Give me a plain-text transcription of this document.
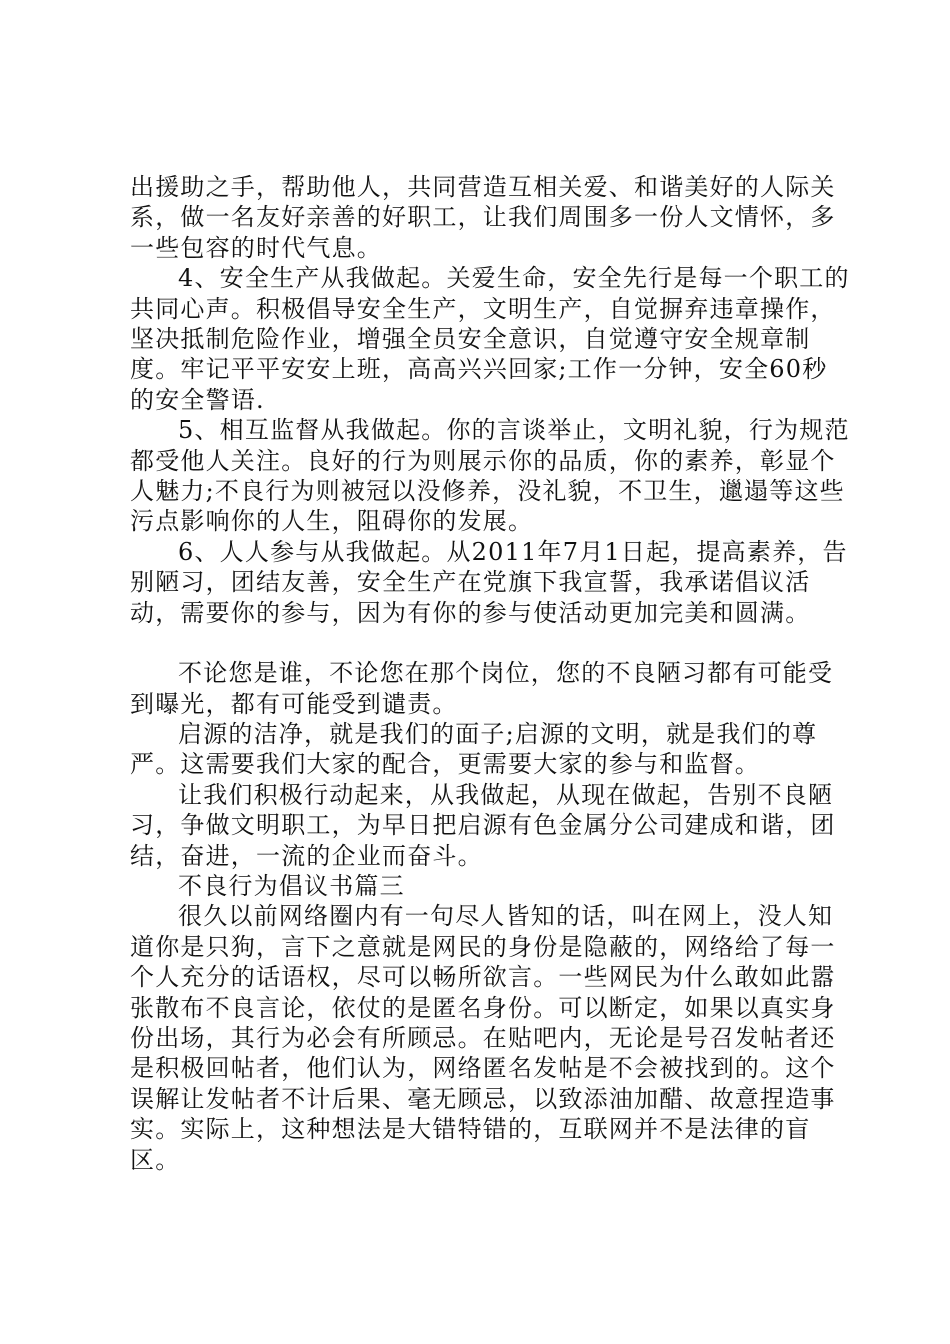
出援助之手，帮助他人，共同营造互相关爱、和谐美好的人际关系，做一名友好亲善的好职工，让我们周围多一份人文情怀，多一些包容的时代气息。

4、安全生产从我做起。关爱生命，安全先行是每一个职工的共同心声。积极倡导安全生产，文明生产，自觉摒弃违章操作，坚决抵制危险作业，增强全员安全意识，自觉遵守安全规章制度。牢记平平安安上班，高高兴兴回家;工作一分钟，安全60秒的安全警语.

5、相互监督从我做起。你的言谈举止，文明礼貌，行为规范都受他人关注。良好的行为则展示你的品质，你的素养，彰显个人魅力;不良行为则被冠以没修养，没礼貌，不卫生，邋遢等这些污点影响你的人生，阻碍你的发展。

6、人人参与从我做起。从2011年7月1日起，提高素养，告别陋习，团结友善，安全生产在党旗下我宣誓，我承诺倡议活动，需要你的参与，因为有你的参与使活动更加完美和圆满。

不论您是谁，不论您在那个岗位，您的不良陋习都有可能受到曝光，都有可能受到谴责。

启源的洁净，就是我们的面子;启源的文明，就是我们的尊严。这需要我们大家的配合，更需要大家的参与和监督。

让我们积极行动起来，从我做起，从现在做起，告别不良陋习，争做文明职工，为早日把启源有色金属分公司建成和谐，团结，奋进，一流的企业而奋斗。

不良行为倡议书篇三

很久以前网络圈内有一句尽人皆知的话，叫在网上，没人知道你是只狗，言下之意就是网民的身份是隐蔽的，网络给了每一个人充分的话语权，尽可以畅所欲言。一些网民为什么敢如此嚣张散布不良言论，依仗的是匿名身份。可以断定，如果以真实身份出场，其行为必会有所顾忌。在贴吧内，无论是号召发帖者还是积极回帖者，他们认为，网络匿名发帖是不会被找到的。这个误解让发帖者不计后果、毫无顾忌，以致添油加醋、故意捏造事实。实际上，这种想法是大错特错的，互联网并不是法律的盲区。
